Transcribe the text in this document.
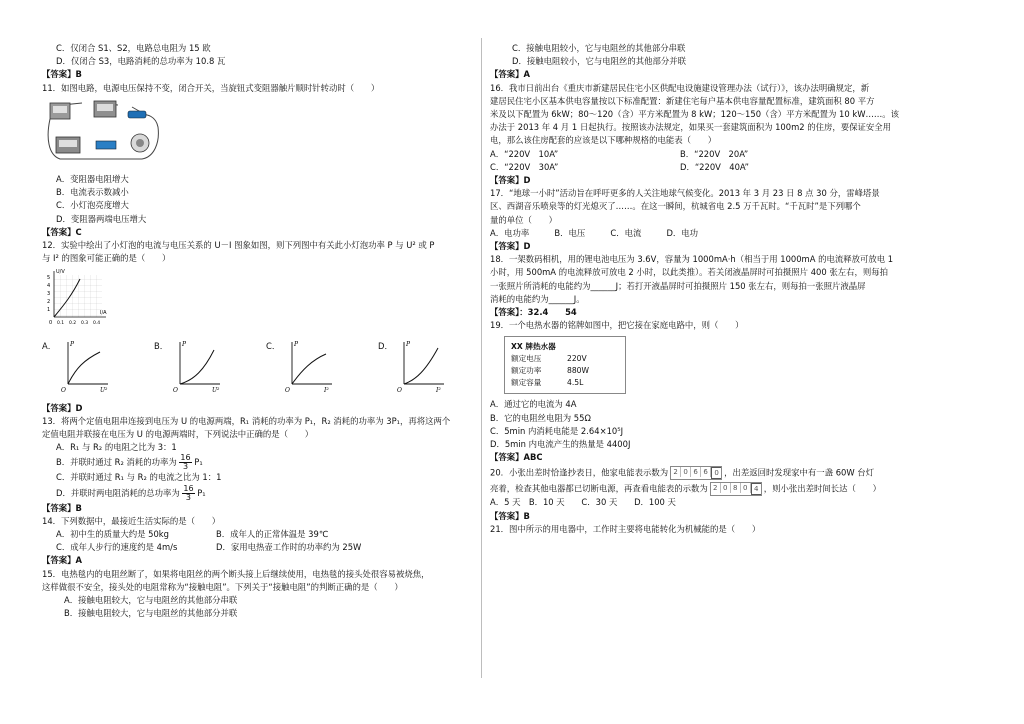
C．仅闭合 S1、S2，电路总电阻为 15 欧

D．仅闭合 S3，电路消耗的总功率为 10.8 瓦

【答案】B

11．如图电路，电源电压保持不变，闭合开关，当旋钮式变阻器触片顺时针转动时（　　）

A．变阻器电阻增大

B．电流表示数减小

C．小灯泡亮度增大

D．变阻器两端电压增大

【答案】C

12．实验中绘出了小灯泡的电流与电压关系的 U－I 图象如图，则下列图中有关此小灯泡功率 P 与 U² 或 P

与 I² 的图象可能正确的是（　　）

U/V
I/A
1
2
3
4
5
0 0.1 0.2 0.3 0.4
A．	P
U²
O
B．	P
U²
O
C．	P
I²
O
D．	P
I²
O

【答案】D

13．将两个定值电阻串连接到电压为 U 的电源两端，R₁ 消耗的功率为 P₁，R₂ 消耗的功率为 3P₁，再将这两个

定值电阻并联接在电压为 U 的电源两端时，下列说法中正确的是（　　）

A．R₁ 与 R₂ 的电阻之比为 3：1

B．并联时通过 R₂ 消耗的功率为 $\frac{16}{3} P_1$

C．并联时通过 R₁ 与 R₂ 的电流之比为 1：1

D．并联时两电阻消耗的总功率为 $\frac{16}{3} P_1$

【答案】B

14．下列数据中，最接近生活实际的是（　　）

A．初中生的质量大约是 50kg	B．成年人的正常体温是 39℃
C．成年人步行的速度约是 4m/s	D．家用电热壶工作时的功率约为 25W

【答案】A

15．电热毯内的电阻丝断了，如果将电阻丝的两个断头接上后继续使用，电热毯的接头处很容易被烧焦，

这样做很不安全，接头处的电阻常称为“接触电阻”。下列关于“接触电阻”的判断正确的是（　　）

A．接触电阻较大，它与电阻丝的其他部分串联

B．接触电阻较大，它与电阻丝的其他部分并联

C．接触电阻较小，它与电阻丝的其他部分串联

D．接触电阻较小，它与电阻丝的其他部分并联

【答案】A

16．我市日前出台《重庆市新建居民住宅小区供配电设施建设管理办法（试行）》，该办法明确规定，新

建居民住宅小区基本供电容量按以下标准配置：新建住宅每户基本供电容量配置标准，建筑面积 80 平方

米及以下配置为 6kW；80～120（含）平方米配置为 8 kW；120～150（含）平方米配置为 10 kW……。该

办法于 2013 年 4 月 1 日起执行。按照该办法规定，如果买一套建筑面积为 100m2 的住房，要保证安全用

电，那么该住房配套的应该是以下哪种规格的电能表（　　）

A．“220V　10A”	B．“220V　20A”
C．“220V　30A”	D．“220V　40A”

【答案】D

17．“地球一小时”活动旨在呼吁更多的人关注地球气候变化。2013 年 3 月 23 日 8 点 30 分，雷峰塔景

区、西湖音乐喷泉等的灯光熄灭了……。在这一瞬间，杭城省电 2.5 万千瓦时。“千瓦时”是下列哪个

量的单位（　　）

A．电功率　　　B．电压　　　C．电流　　　D．电功

【答案】D

18．一架数码相机，用的锂电池电压为 3.6V，容量为 1000mA·h（相当于用 1000mA 的电流释放可放电 1

小时，用 500mA 的电流释放可放电 2 小时，以此类推）。若关闭液晶屏时可拍摄照片 400 张左右，则每拍

一张照片所消耗的电能约为______J；若打开液晶屏时可拍摄照片 150 张左右，则每拍一张照片液晶屏

消耗的电能约为______J。

【答案】：32.4　　54

19．一个电热水器的铭牌如图中，把它接在家庭电路中，则（　　）

XX 牌热水器
额定电压	220V
额定功率	880W
额定容量	4.5L

A．通过它的电流为 4A

B．它的电阻丝电阻为 55Ω

C．5min 内消耗电能是 2.64×10⁵J

D．5min 内电流产生的热量是 4400J

【答案】ABC

20．小张出差时恰逢抄表日，他家电能表示数为 2 0 6 6 0 ，出差返回时发现家中有一盏 60W 台灯

亮着，检查其他电器都已切断电源，再查看电能表的示数为 2 0 8 0 4 ，则小张出差时间长达（　　）

A．5 天　B．10 天　　C．30 天　　D．100 天

【答案】B

21．图中所示的用电器中，工作时主要将电能转化为机械能的是（　　）
